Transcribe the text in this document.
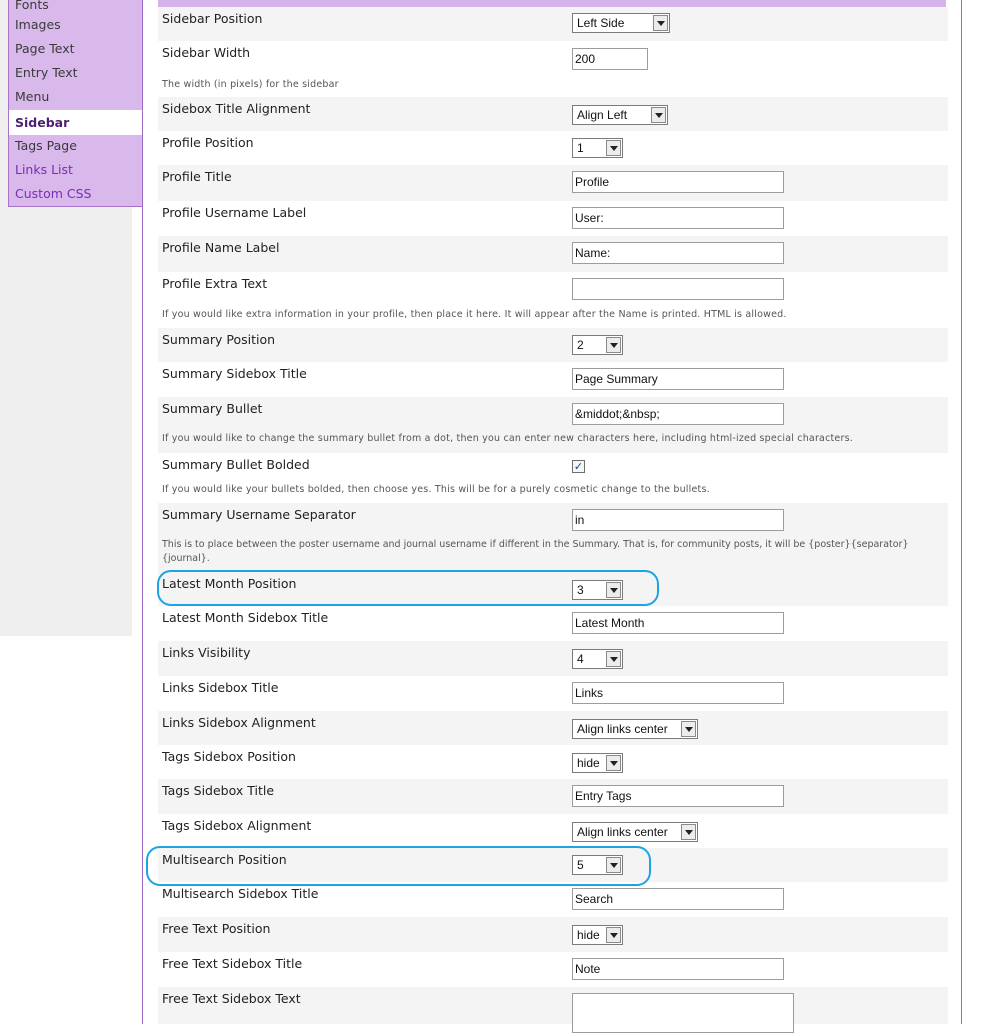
Fonts
Images
Page Text
Entry Text
Menu
Sidebar
Tags Page
Links List
Custom CSS
Sidebar Position	Left Side
Sidebar Width	200
The width (in pixels) for the sidebar
Sidebox Title Alignment	Align Left
Profile Position	1
Profile Title	Profile
Profile Username Label	User:
Profile Name Label	Name:
Profile Extra Text
If you would like extra information in your profile, then place it here. It will appear after the Name is printed. HTML is allowed.
Summary Position	2
Summary Sidebox Title	Page Summary
Summary Bullet	&middot;&nbsp;
If you would like to change the summary bullet from a dot, then you can enter new characters here, including html-ized special characters.
Summary Bullet Bolded	✓
If you would like your bullets bolded, then choose yes. This will be for a purely cosmetic change to the bullets.
Summary Username Separator	in
This is to place between the poster username and journal username if different in the Summary. That is, for community posts, it will be {poster}{separator}{journal}.
Latest Month Position	3
Latest Month Sidebox Title	Latest Month
Links Visibility	4
Links Sidebox Title	Links
Links Sidebox Alignment	Align links center
Tags Sidebox Position	hide
Tags Sidebox Title	Entry Tags
Tags Sidebox Alignment	Align links center
Multisearch Position	5
Multisearch Sidebox Title	Search
Free Text Position	hide
Free Text Sidebox Title	Note
Free Text Sidebox Text
